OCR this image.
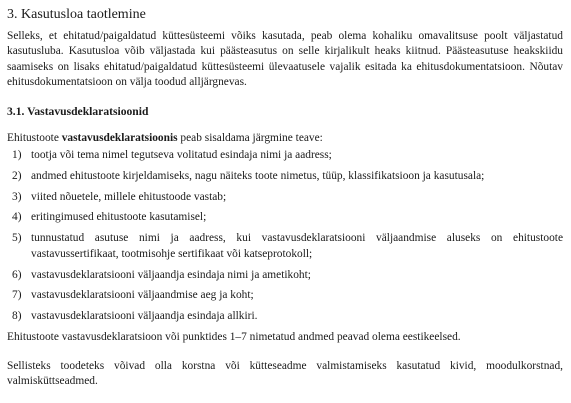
3. Kasutusloa taotlemine

Selleks, et ehitatud/paigaldatud küttesüsteemi võiks kasutada, peab olema kohaliku omavalitsuse poolt väljastatud kasutusluba. Kasutusloa võib väljastada kui päästeasutus on selle kirjalikult heaks kiitnud. Päästeasutuse heakskiidu saamiseks on lisaks ehitatud/paigaldatud küttesüsteemi ülevaatusele vajalik esitada ka ehitusdokumentatsioon. Nõutav ehitusdokumentatsioon on välja toodud alljärgnevas.

3.1. Vastavusdeklaratsioonid

Ehitustoote vastavusdeklaratsioonis peab sisaldama järgmine teave:

1) tootja või tema nimel tegutseva volitatud esindaja nimi ja aadress;
2) andmed ehitustoote kirjeldamiseks, nagu näiteks toote nimetus, tüüp, klassifikatsioon ja kasutusala;
3) viited nõuetele, millele ehitustoode vastab;
4) eritingimused ehitustoote kasutamisel;
5) tunnustatud asutuse nimi ja aadress, kui vastavusdeklaratsiooni väljaandmise aluseks on ehitustoote vastavussertifikaat, tootmisohje sertifikaat või katseprotokoll;
6) vastavusdeklaratsiooni väljaandja esindaja nimi ja ametikoht;
7) vastavusdeklaratsiooni väljaandmise aeg ja koht;
8) vastavusdeklaratsiooni väljaandja esindaja allkiri.

Ehitustoote vastavusdeklaratsioon või punktides 1–7 nimetatud andmed peavad olema eestikeelsed.

Sellisteks toodeteks võivad olla korstna või kütteseadme valmistamiseks kasutatud kivid, moodulkorstnad, valmisküttseadmed.
